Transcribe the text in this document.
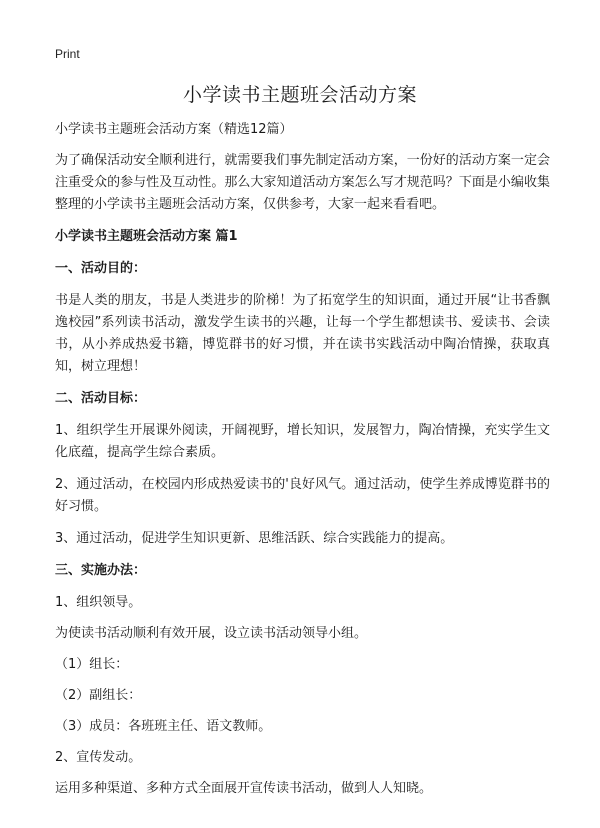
Print
小学读书主题班会活动方案

小学读书主题班会活动方案（精选12篇）

为了确保活动安全顺利进行，就需要我们事先制定活动方案，一份好的活动方案一定会注重受众的参与性及互动性。那么大家知道活动方案怎么写才规范吗？下面是小编收集整理的小学读书主题班会活动方案，仅供参考，大家一起来看看吧。

小学读书主题班会活动方案 篇1

一、活动目的：

书是人类的朋友，书是人类进步的阶梯！为了拓宽学生的知识面，通过开展“让书香飘逸校园”系列读书活动，激发学生读书的兴趣，让每一个学生都想读书、爱读书、会读书，从小养成热爱书籍，博览群书的好习惯，并在读书实践活动中陶冶情操，获取真知，树立理想！

二、活动目标：

1、组织学生开展课外阅读，开阔视野，增长知识，发展智力，陶冶情操，充实学生文化底蕴，提高学生综合素质。

2、通过活动，在校园内形成热爱读书的'良好风气。通过活动，使学生养成博览群书的好习惯。

3、通过活动，促进学生知识更新、思维活跃、综合实践能力的提高。

三、实施办法：

1、组织领导。

为使读书活动顺利有效开展，设立读书活动领导小组。

（1）组长：

（2）副组长：

（3）成员：各班班主任、语文教师。

2、宣传发动。

运用多种渠道、多种方式全面展开宣传读书活动，做到人人知晓。
